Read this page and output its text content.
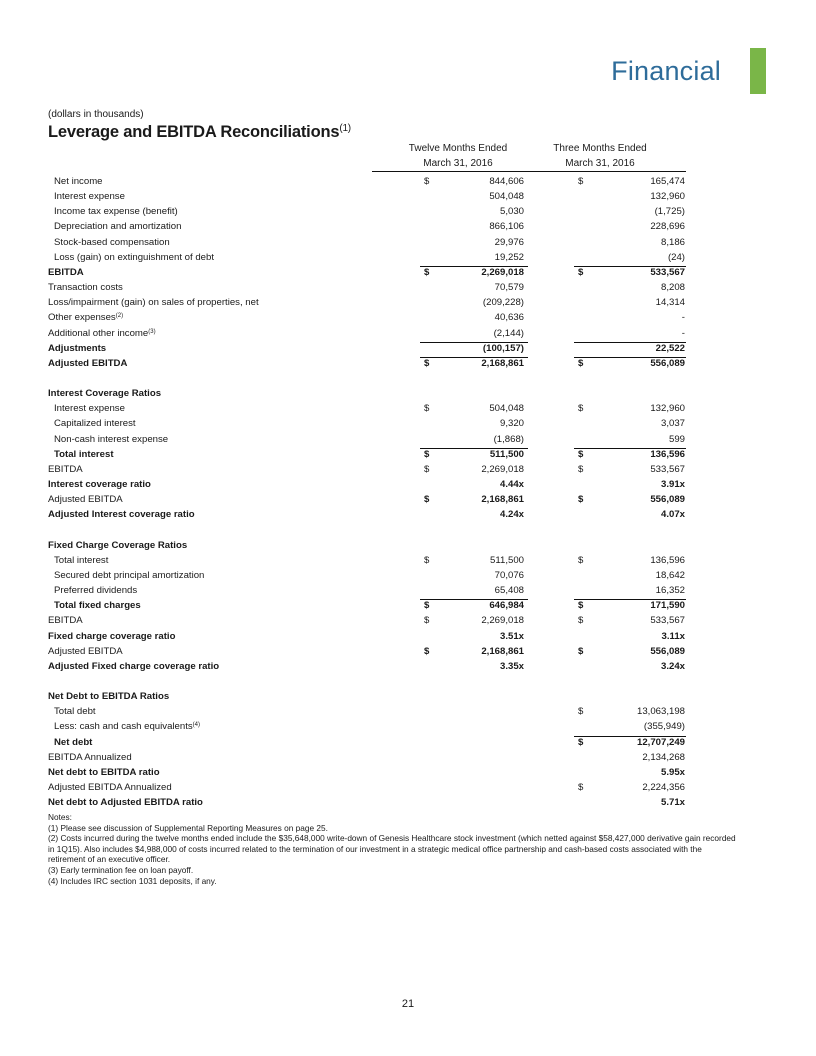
Financial
(dollars in thousands)
Leverage and EBITDA Reconciliations$^{(1)}$
Twelve Months Ended
March 31, 2016
Three Months Ended
March 31, 2016
Net income	$	844,606	$	165,474
Interest expense	504,048	132,960
Income tax expense (benefit)	5,030	(1,725)
Depreciation and amortization	866,106	228,696
Stock-based compensation	29,976	8,186
Loss (gain) on extinguishment of debt	19,252	(24)
EBITDA	$	2,269,018	$	533,567
Transaction costs	70,579	8,208
Loss/impairment (gain) on sales of properties, net	(209,228)	14,314
Other expenses$^{(2)}$	40,636	-
Additional other income$^{(3)}$	(2,144)	-
Adjustments	(100,157)	22,522
Adjusted EBITDA	$	2,168,861	$	556,089
Interest Coverage Ratios
Interest expense	$	504,048	$	132,960
Capitalized interest	9,320	3,037
Non-cash interest expense	(1,868)	599
Total interest	$	511,500	$	136,596
EBITDA	$	2,269,018	$	533,567
Interest coverage ratio	4.44x	3.91x
Adjusted EBITDA	$	2,168,861	$	556,089
Adjusted Interest coverage ratio	4.24x	4.07x
Fixed Charge Coverage Ratios
Total interest	$	511,500	$	136,596
Secured debt principal amortization	70,076	18,642
Preferred dividends	65,408	16,352
Total fixed charges	$	646,984	$	171,590
EBITDA	$	2,269,018	$	533,567
Fixed charge coverage ratio	3.51x	3.11x
Adjusted EBITDA	$	2,168,861	$	556,089
Adjusted Fixed charge coverage ratio	3.35x	3.24x
Net Debt to EBITDA Ratios
Total debt	$	13,063,198
Less: cash and cash equivalents$^{(4)}$	(355,949)
Net debt	$	12,707,249
EBITDA Annualized	2,134,268
Net debt to EBITDA ratio	5.95x
Adjusted EBITDA Annualized	$	2,224,356
Net debt to Adjusted EBITDA ratio	5.71x
Notes:
(1) Please see discussion of Supplemental Reporting Measures on page 25.
(2) Costs incurred during the twelve months ended include the $35,648,000 write-down of Genesis Healthcare stock investment (which netted against $58,427,000 derivative gain recorded in 1Q15). Also includes $4,988,000 of costs incurred related to the termination of our investment in a strategic medical office partnership and cash-based costs associated with the retirement of an executive officer.
(3) Early termination fee on loan payoff.
(4) Includes IRC section 1031 deposits, if any.
21
